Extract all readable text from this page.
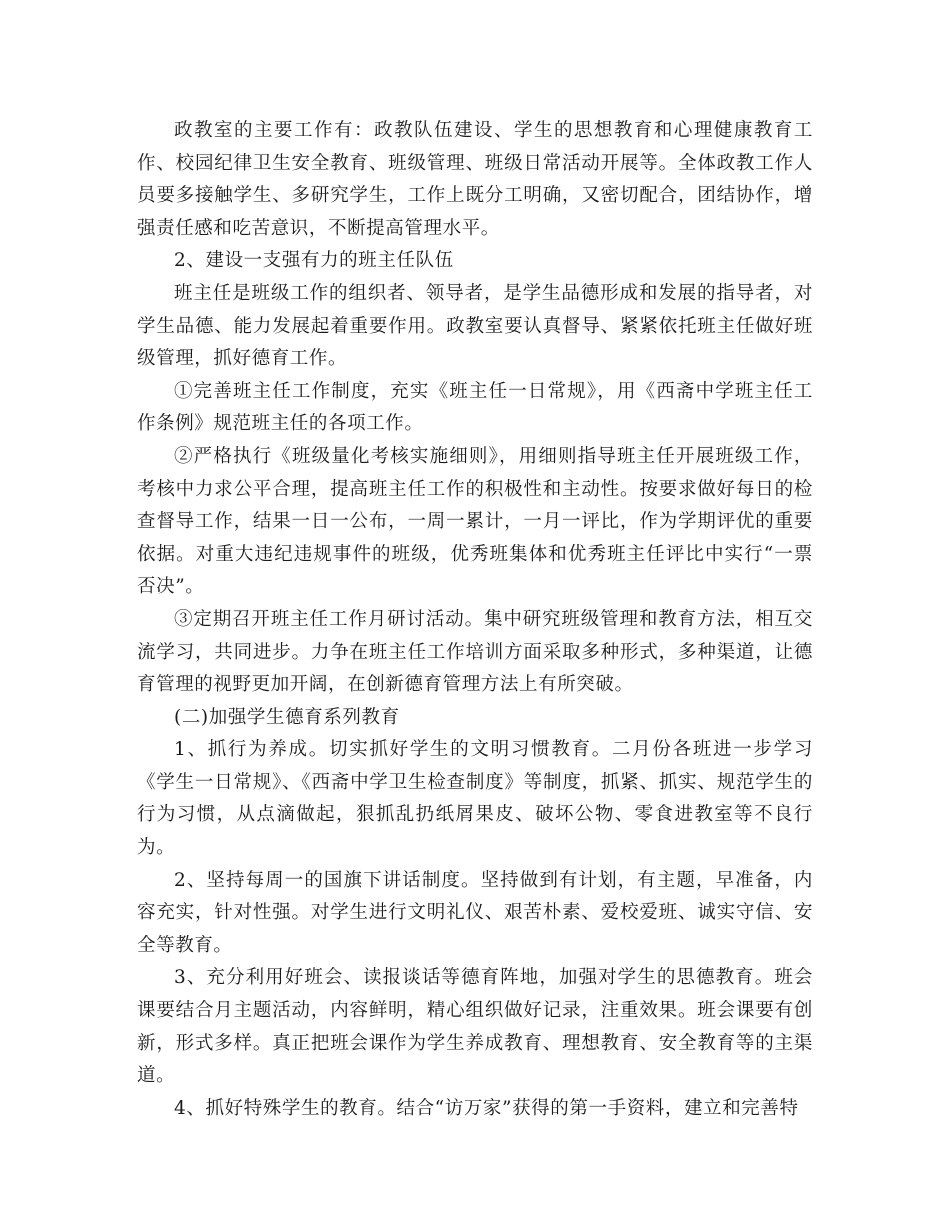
政教室的主要工作有：政教队伍建设、学生的思想教育和心理健康教育工作、校园纪律卫生安全教育、班级管理、班级日常活动开展等。全体政教工作人员要多接触学生、多研究学生，工作上既分工明确，又密切配合，团结协作，增强责任感和吃苦意识，不断提高管理水平。

2、建设一支强有力的班主任队伍

班主任是班级工作的组织者、领导者，是学生品德形成和发展的指导者，对学生品德、能力发展起着重要作用。政教室要认真督导、紧紧依托班主任做好班级管理，抓好德育工作。

①完善班主任工作制度，充实《班主任一日常规》，用《西斋中学班主任工作条例》规范班主任的各项工作。

②严格执行《班级量化考核实施细则》，用细则指导班主任开展班级工作，考核中力求公平合理，提高班主任工作的积极性和主动性。按要求做好每日的检查督导工作，结果一日一公布，一周一累计，一月一评比，作为学期评优的重要依据。对重大违纪违规事件的班级，优秀班集体和优秀班主任评比中实行“一票否决”。

③定期召开班主任工作月研讨活动。集中研究班级管理和教育方法，相互交流学习，共同进步。力争在班主任工作培训方面采取多种形式，多种渠道，让德育管理的视野更加开阔，在创新德育管理方法上有所突破。

(二)加强学生德育系列教育

1、抓行为养成。切实抓好学生的文明习惯教育。二月份各班进一步学习《学生一日常规》、《西斋中学卫生检查制度》等制度，抓紧、抓实、规范学生的行为习惯，从点滴做起，狠抓乱扔纸屑果皮、破坏公物、零食进教室等不良行为。

2、坚持每周一的国旗下讲话制度。坚持做到有计划，有主题，早准备，内容充实，针对性强。对学生进行文明礼仪、艰苦朴素、爱校爱班、诚实守信、安全等教育。

3、充分利用好班会、读报谈话等德育阵地，加强对学生的思德教育。班会课要结合月主题活动，内容鲜明，精心组织做好记录，注重效果。班会课要有创新，形式多样。真正把班会课作为学生养成教育、理想教育、安全教育等的主渠道。

4、抓好特殊学生的教育。结合“访万家”获得的第一手资料，建立和完善特
